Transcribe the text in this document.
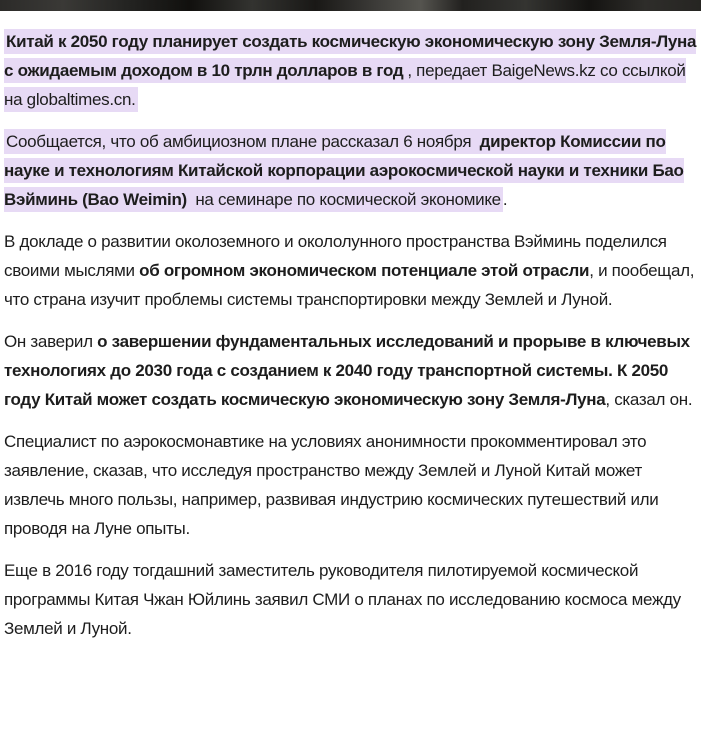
Китай к 2050 году планирует создать космическую экономическую зону Земля-Луна с ожидаемым доходом в 10 трлн долларов в год , передает BaigeNews.kz со ссылкой на globaltimes.cn.

Сообщается, что об амбициозном плане рассказал 6 ноября директор Комиссии по науке и технологиям Китайской корпорации аэрокосмической науки и техники Бао Вэйминь (Bao Weimin) на семинаре по космической экономике .

В докладе о развитии околоземного и окололунного пространства Вэйминь поделился своими мыслями об огромном экономическом потенциале этой отрасли, и пообещал, что страна изучит проблемы системы транспортировки между Землей и Луной.

Он заверил о завершении фундаментальных исследований и прорыве в ключевых технологиях до 2030 года с созданием к 2040 году транспортной системы. К 2050 году Китай может создать космическую экономическую зону Земля-Луна, сказал он.

Специалист по аэрокосмонавтике на условиях анонимности прокомментировал это заявление, сказав, что исследуя пространство между Землей и Луной Китай может извлечь много пользы, например, развивая индустрию космических путешествий или проводя на Луне опыты.

Еще в 2016 году тогдашний заместитель руководителя пилотируемой космической программы Китая Чжан Юйлинь заявил СМИ о планах по исследованию космоса между Землей и Луной.
